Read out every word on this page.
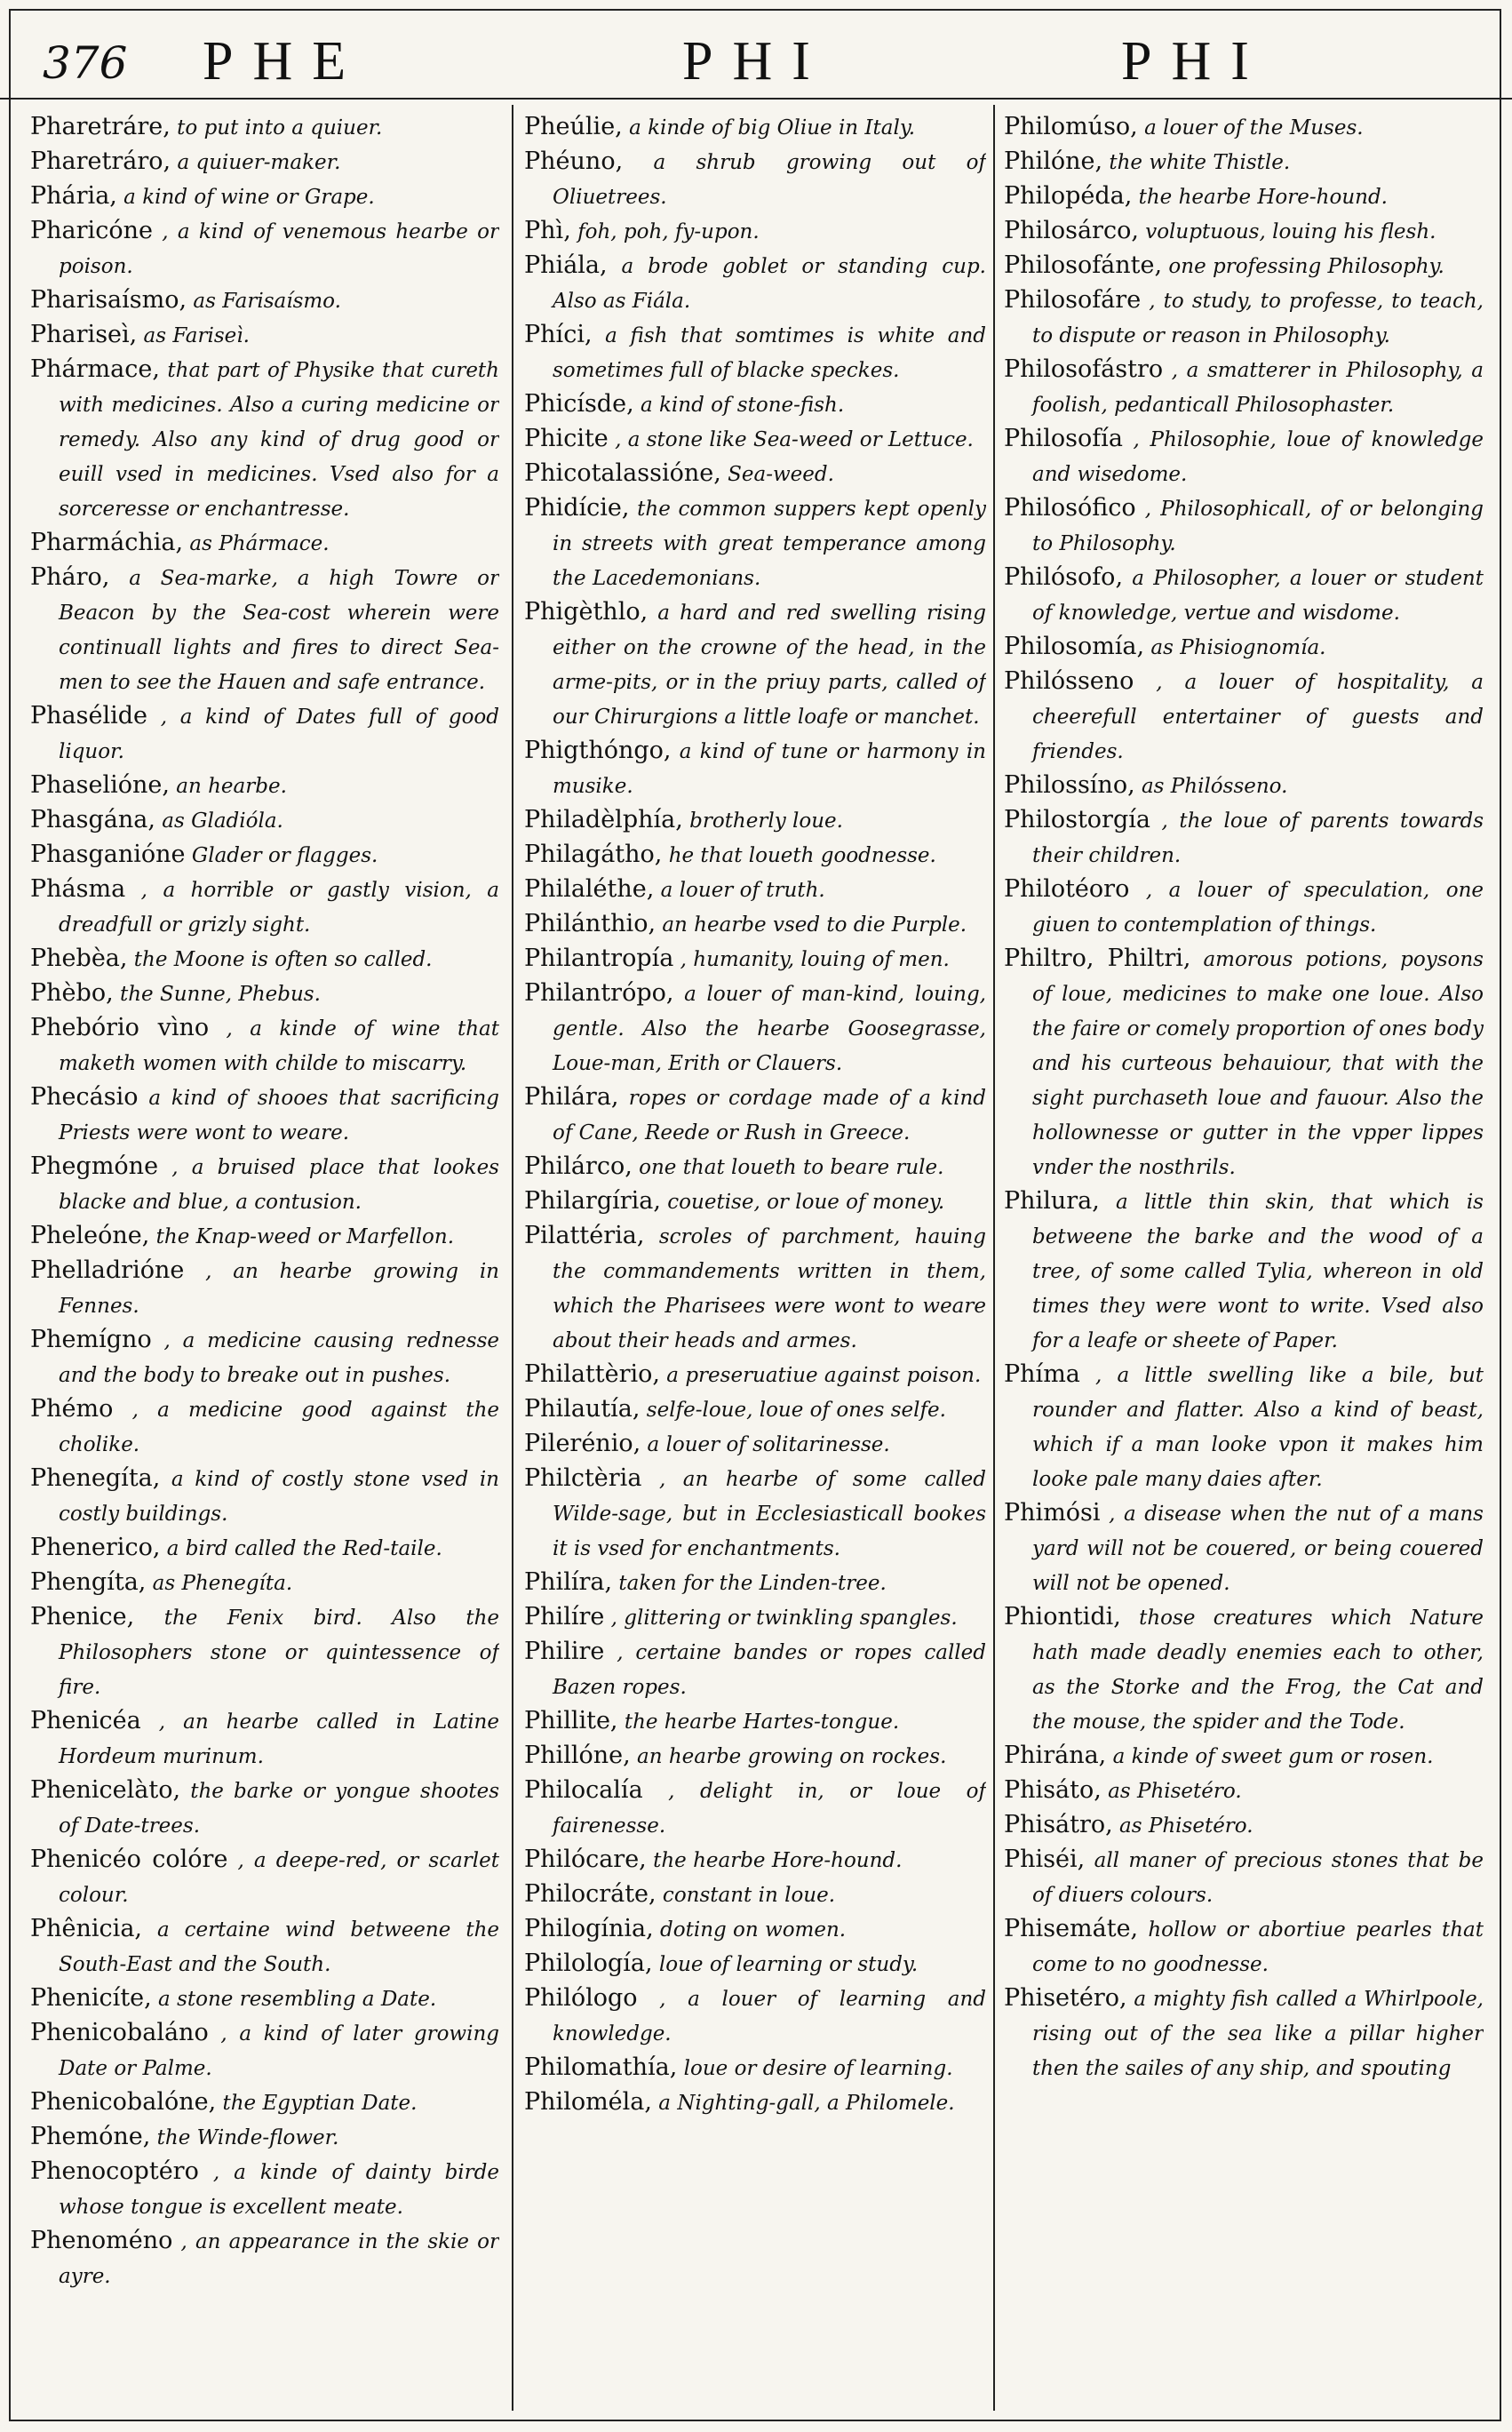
376 PHE	PHI	PHI

Pharetrárе, to put into a quiuer.

Pharetráro, a quiuer-maker.

Phária, a kind of wine or Grape.

Pharicóne , a kind of venemous hearbe or poison.

Pharisaísmo, as Farisaísmo.

Phariseì, as Fariseì.

Phármace, that part of Physike that cureth with medicines. Also a curing medicine or remedy. Also any kind of drug good or euill vsed in medicines. Vsed also for a sorceresse or enchantresse.

Pharmáchia, as Phármace.

Pháro, a Sea-marke, a high Towre or Beacon by the Sea-cost wherein were continuall lights and fires to direct Sea-men to see the Hauen and safe entrance.

Phasélide , a kind of Dates full of good liquor.

Phaselióne, an hearbe.

Phasgána, as Gladióla.

Phasganióne Glader or flagges.

Phásma , a horrible or gastly vision, a dreadfull or grizly sight.

Phebèa, the Moone is often so called.

Phèbo, the Sunne, Phebus.

Phebório vìno , a kinde of wine that maketh women with childe to miscarry.

Phecásio a kind of shooes that sacrificing Priests were wont to weare.

Phegmóne , a bruised place that lookes blacke and blue, a contusion.

Pheleóne, the Knap-weed or Marfellon.

Phelladrióne , an hearbe growing in Fennes.

Phemígno , a medicine causing rednesse and the body to breake out in pushes.

Phémo , a medicine good against the cholike.

Phenegíta, a kind of costly stone vsed in costly buildings.

Phenerico, a bird called the Red-taile.

Phengíta, as Phenegíta.

Phenice, the Fenix bird. Also the Philosophers stone or quintessence of fire.

Phenicéa , an hearbe called in Latine Hordeum murinum.

Phenicelàto, the barke or yongue shootes of Date-trees.

Phenicéo colóre , a deepe-red, or scarlet colour.

Phênicia, a certaine wind betweene the South-East and the South.

Phenicíte, a stone resembling a Date.

Phenicobaláno , a kind of later growing Date or Palme.

Phenicobalóne, the Egyptian Date.

Phemóne, the Winde-flower.

Phenocoptéro , a kinde of dainty birde whose tongue is excellent meate.

Phenoméno , an appearance in the skie or ayre.

Pheúlie, a kinde of big Oliue in Italy.

Phéuno, a shrub growing out of Oliuetrees.

Phì, foh, poh, fy-upon.

Phiála, a brode goblet or standing cup. Also as Fiála.

Phíci, a fish that somtimes is white and sometimes full of blacke speckes.

Phicísde, a kind of stone-fish.

Phicite , a stone like Sea-weed or Lettuce.

Phicotalassióne, Sea-weed.

Phidície, the common suppers kept openly in streets with great temperance among the Lacedemonians.

Phigèthlo, a hard and red swelling rising either on the crowne of the head, in the arme-pits, or in the priuy parts, called of our Chirurgions a little loafe or manchet.

Phigthóngo, a kind of tune or harmony in musike.

Philadèlphía, brotherly loue.

Philagátho, he that loueth goodnesse.

Philaléthe, a louer of truth.

Philánthio, an hearbe vsed to die Purple.

Philantropía , humanity, louing of men.

Philantrópo, a louer of man-kind, louing, gentle. Also the hearbe Goosegrasse, Loue-man, Erith or Clauers.

Philára, ropes or cordage made of a kind of Cane, Reede or Rush in Greece.

Philárco, one that loueth to beare rule.

Philargíria, couetise, or loue of money.

Pilattéria, scroles of parchment, hauing the commandements written in them, which the Pharisees were wont to weare about their heads and armes.

Philattèrio, a preseruatiue against poison.

Philautía, selfe-loue, loue of ones selfe.

Pilerénio, a louer of solitarinesse.

Philctèria , an hearbe of some called Wilde-sage, but in Ecclesiasticall bookes it is vsed for enchantments.

Philíra, taken for the Linden-tree.

Philíre , glittering or twinkling spangles.

Philire , certaine bandes or ropes called Bazen ropes.

Phillite, the hearbe Hartes-tongue.

Phillóne, an hearbe growing on rockes.

Philocalía , delight in, or loue of fairenesse.

Philócare, the hearbe Hore-hound.

Philocráte, constant in loue.

Philogínia, doting on women.

Philología, loue of learning or study.

Philólogo , a louer of learning and knowledge.

Philomathía, loue or desire of learning.

Philoméla, a Nighting-gall, a Philomele.

Philomúso, a louer of the Muses.

Philóne, the white Thistle.

Philopéda, the hearbe Hore-hound.

Philosárco, voluptuous, louing his flesh.

Philosofánte, one professing Philosophy.

Philosofáre , to study, to professe, to teach, to dispute or reason in Philosophy.

Philosofástro , a smatterer in Philosophy, a foolish, pedanticall Philosophaster.

Philosofía , Philosophie, loue of knowledge and wisedome.

Philosófico , Philosophicall, of or belonging to Philosophy.

Philósofo, a Philosopher, a louer or student of knowledge, vertue and wisdome.

Philosomía, as Phisiognomía.

Philósseno , a louer of hospitality, a cheerefull entertainer of guests and friendes.

Philossíno, as Philósseno.

Philostorgía , the loue of parents towards their children.

Philotéoro , a louer of speculation, one giuen to contemplation of things.

Philtro, Philtri, amorous potions, poysons of loue, medicines to make one loue. Also the faire or comely proportion of ones body and his curteous behauiour, that with the sight purchaseth loue and fauour. Also the hollownesse or gutter in the vpper lippes vnder the nosthrils.

Philura, a little thin skin, that which is betweene the barke and the wood of a tree, of some called Tylia, whereon in old times they were wont to write. Vsed also for a leafe or sheete of Paper.

Phíma , a little swelling like a bile, but rounder and flatter. Also a kind of beast, which if a man looke vpon it makes him looke pale many daies after.

Phimósi , a disease when the nut of a mans yard will not be couered, or being couered will not be opened.

Phiontidi, those creatures which Nature hath made deadly enemies each to other, as the Storke and the Frog, the Cat and the mouse, the spider and the Tode.

Phirána, a kinde of sweet gum or rosen.

Phisáto, as Phisetéro.

Phisátro, as Phisetéro.

Phiséi, all maner of precious stones that be of diuers colours.

Phisemáte, hollow or abortiue pearles that come to no goodnesse.

Phisetéro, a mighty fish called a Whirlpoole, rising out of the sea like a pillar higher then the sailes of any ship, and spouting
